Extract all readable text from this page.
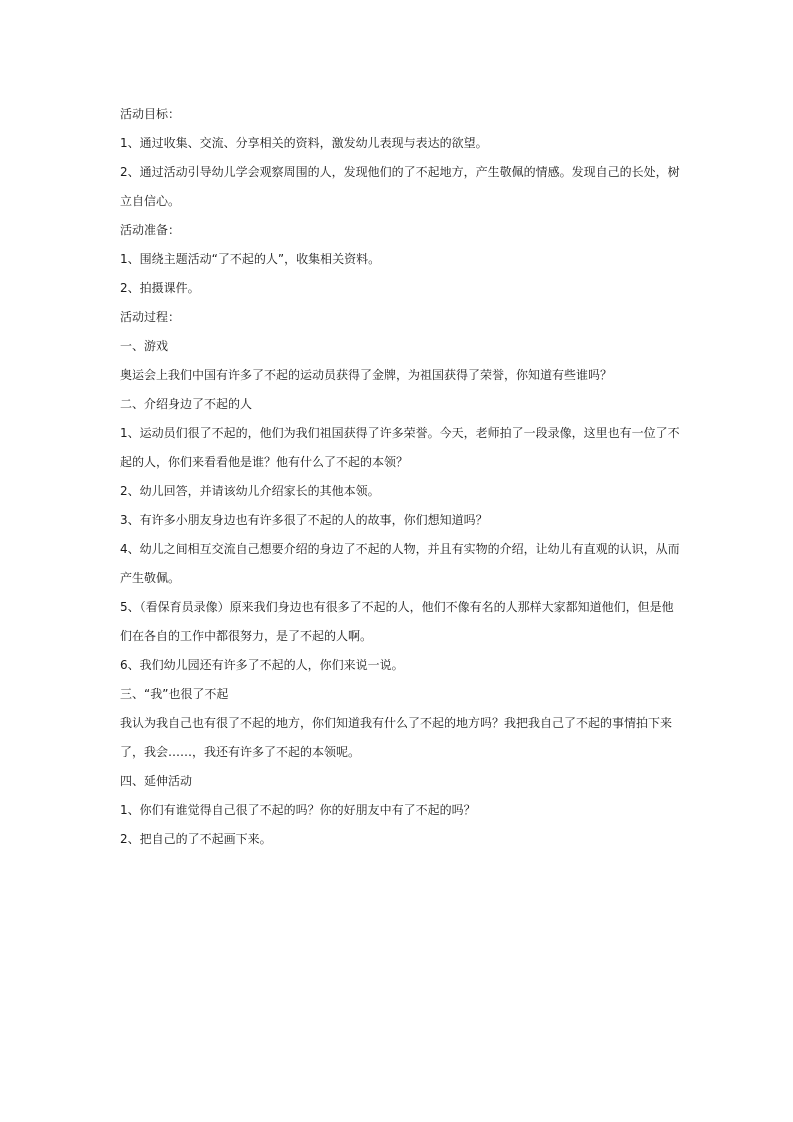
活动目标：
1、通过收集、交流、分享相关的资料，激发幼儿表现与表达的欲望。
2、通过活动引导幼儿学会观察周围的人，发现他们的了不起地方，产生敬佩的情感。发现自己的长处，树
立自信心。
活动准备：
1、围绕主题活动“了不起的人”，收集相关资料。
2、拍摄课件。
活动过程：
一、游戏
奥运会上我们中国有许多了不起的运动员获得了金牌，为祖国获得了荣誉，你知道有些谁吗？
二、介绍身边了不起的人
1、运动员们很了不起的，他们为我们祖国获得了许多荣誉。今天，老师拍了一段录像，这里也有一位了不
起的人，你们来看看他是谁？他有什么了不起的本领？
2、幼儿回答，并请该幼儿介绍家长的其他本领。
3、有许多小朋友身边也有许多很了不起的人的故事，你们想知道吗？
4、幼儿之间相互交流自己想要介绍的身边了不起的人物，并且有实物的介绍，让幼儿有直观的认识，从而
产生敬佩。
5、（看保育员录像）原来我们身边也有很多了不起的人，他们不像有名的人那样大家都知道他们，但是他
们在各自的工作中都很努力，是了不起的人啊。
6、我们幼儿园还有许多了不起的人，你们来说一说。
三、“我”也很了不起
我认为我自己也有很了不起的地方，你们知道我有什么了不起的地方吗？我把我自己了不起的事情拍下来
了，我会……，我还有许多了不起的本领呢。
四、延伸活动
1、你们有谁觉得自己很了不起的吗？你的好朋友中有了不起的吗？
2、把自己的了不起画下来。
